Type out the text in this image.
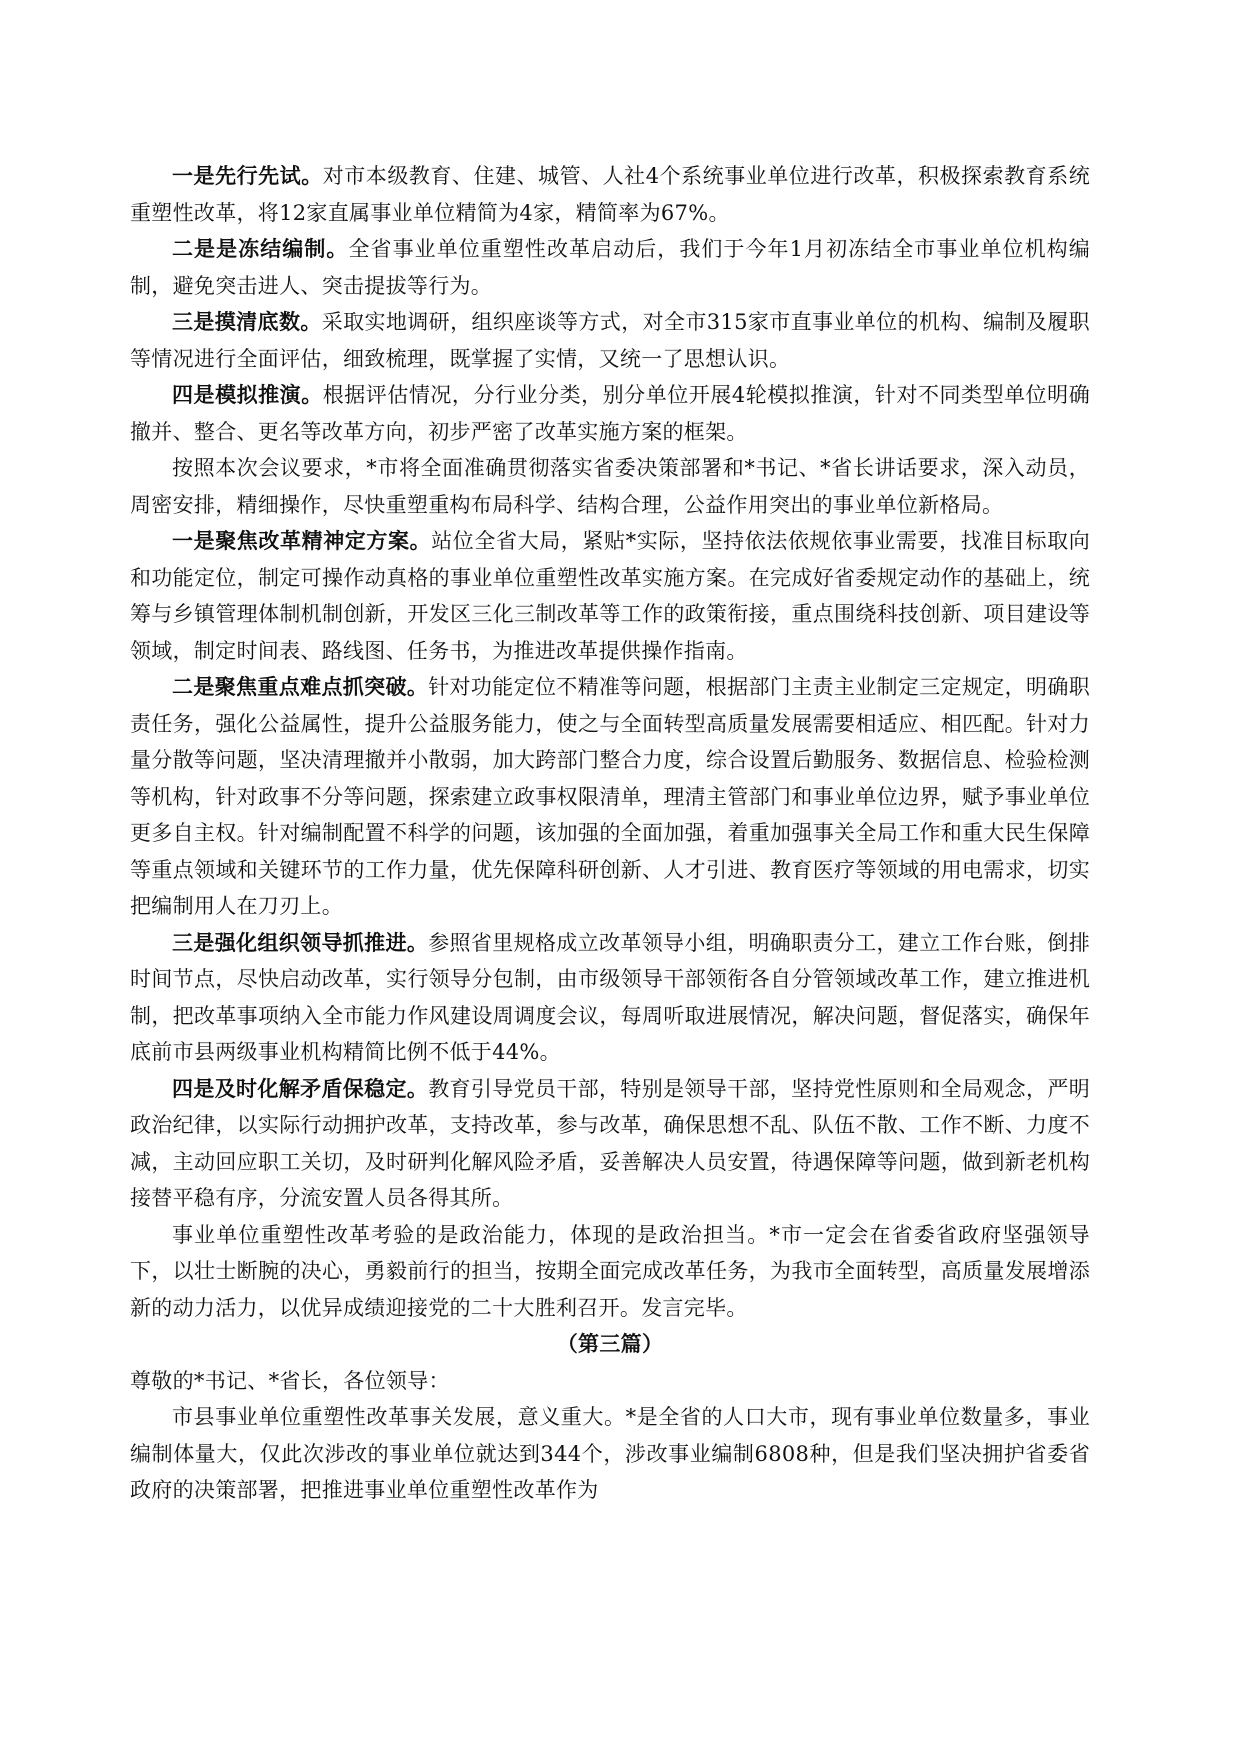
一是先行先试。对市本级教育、住建、城管、人社4个系统事业单位进行改革，积极探索教育系统重塑性改革，将12家直属事业单位精简为4家，精简率为67%。

二是是冻结编制。全省事业单位重塑性改革启动后，我们于今年1月初冻结全市事业单位机构编制，避免突击进人、突击提拔等行为。

三是摸清底数。采取实地调研，组织座谈等方式，对全市315家市直事业单位的机构、编制及履职等情况进行全面评估，细致梳理，既掌握了实情，又统一了思想认识。

四是模拟推演。根据评估情况，分行业分类，别分单位开展4轮模拟推演，针对不同类型单位明确撤并、整合、更名等改革方向，初步严密了改革实施方案的框架。

按照本次会议要求，*市将全面准确贯彻落实省委决策部署和*书记、*省长讲话要求，深入动员，周密安排，精细操作，尽快重塑重构布局科学、结构合理，公益作用突出的事业单位新格局。

一是聚焦改革精神定方案。站位全省大局，紧贴*实际，坚持依法依规依事业需要，找准目标取向和功能定位，制定可操作动真格的事业单位重塑性改革实施方案。在完成好省委规定动作的基础上，统筹与乡镇管理体制机制创新，开发区三化三制改革等工作的政策衔接，重点围绕科技创新、项目建设等领域，制定时间表、路线图、任务书，为推进改革提供操作指南。

二是聚焦重点难点抓突破。针对功能定位不精准等问题，根据部门主责主业制定三定规定，明确职责任务，强化公益属性，提升公益服务能力，使之与全面转型高质量发展需要相适应、相匹配。针对力量分散等问题，坚决清理撤并小散弱，加大跨部门整合力度，综合设置后勤服务、数据信息、检验检测等机构，针对政事不分等问题，探索建立政事权限清单，理清主管部门和事业单位边界，赋予事业单位更多自主权。针对编制配置不科学的问题，该加强的全面加强，着重加强事关全局工作和重大民生保障等重点领域和关键环节的工作力量，优先保障科研创新、人才引进、教育医疗等领域的用电需求，切实把编制用人在刀刃上。

三是强化组织领导抓推进。参照省里规格成立改革领导小组，明确职责分工，建立工作台账，倒排时间节点，尽快启动改革，实行领导分包制，由市级领导干部领衔各自分管领域改革工作，建立推进机制，把改革事项纳入全市能力作风建设周调度会议，每周听取进展情况，解决问题，督促落实，确保年底前市县两级事业机构精简比例不低于44%。

四是及时化解矛盾保稳定。教育引导党员干部，特别是领导干部，坚持党性原则和全局观念，严明政治纪律，以实际行动拥护改革，支持改革，参与改革，确保思想不乱、队伍不散、工作不断、力度不减，主动回应职工关切，及时研判化解风险矛盾，妥善解决人员安置，待遇保障等问题，做到新老机构接替平稳有序，分流安置人员各得其所。

事业单位重塑性改革考验的是政治能力，体现的是政治担当。*市一定会在省委省政府坚强领导下，以壮士断腕的决心，勇毅前行的担当，按期全面完成改革任务，为我市全面转型，高质量发展增添新的动力活力，以优异成绩迎接党的二十大胜利召开。发言完毕。

（第三篇）

尊敬的*书记、*省长，各位领导：

市县事业单位重塑性改革事关发展，意义重大。*是全省的人口大市，现有事业单位数量多，事业编制体量大，仅此次涉改的事业单位就达到344个，涉改事业编制6808种，但是我们坚决拥护省委省政府的决策部署，把推进事业单位重塑性改革作为
